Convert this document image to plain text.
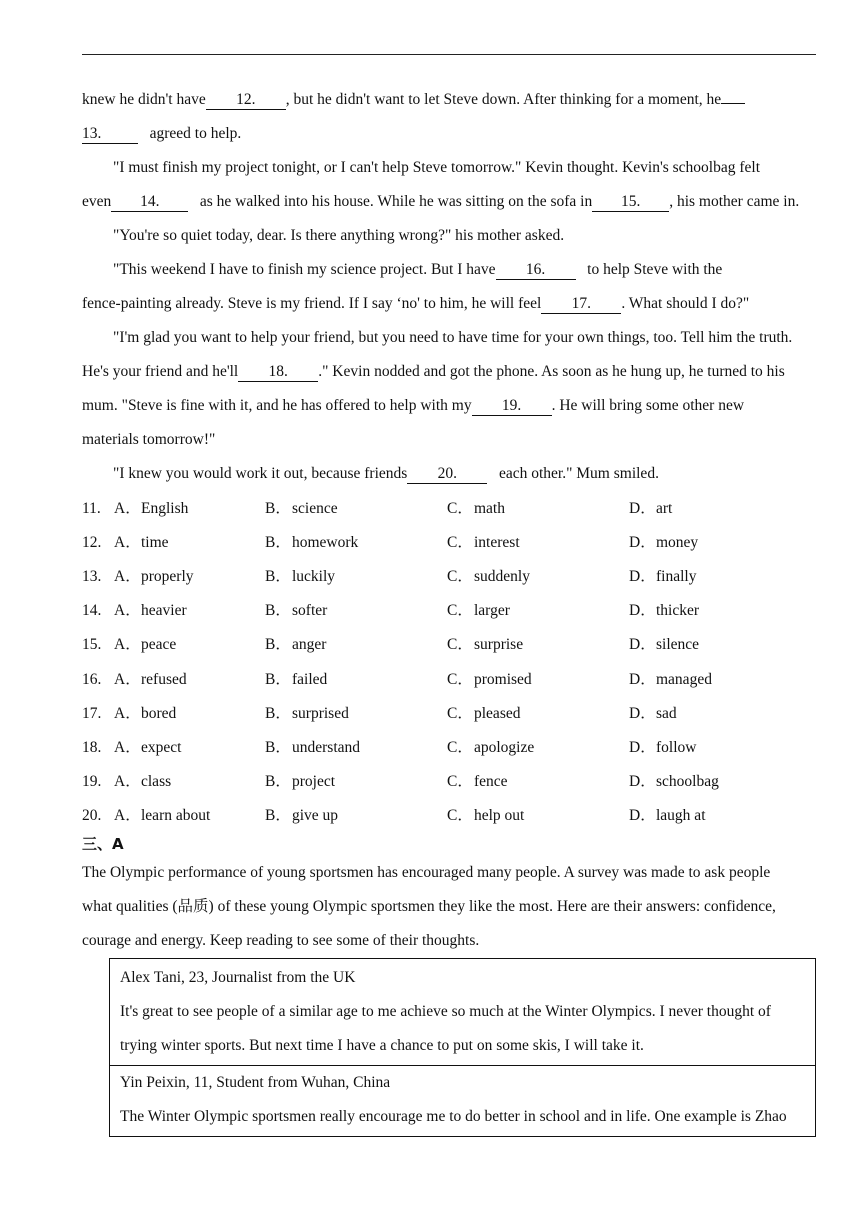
knew he didn't have 12. , but he didn't want to let Steve down. After thinking for a moment, he
13.	agreed to help.
"I must finish my project tonight, or I can't help Steve tomorrow." Kevin thought. Kevin's schoolbag felt
even 14.	as he walked into his house. While he was sitting on the sofa in 15. , his mother came in.
"You're so quiet today, dear. Is there anything wrong?" his mother asked.
"This weekend I have to finish my science project. But I have 16.	to help Steve with the
fence-painting already. Steve is my friend. If I say ‘no' to him, he will feel 17. . What should I do?"
"I'm glad you want to help your friend, but you need to have time for your own things, too. Tell him the truth.
He's your friend and he'll 18. ." Kevin nodded and got the phone. As soon as he hung up, he turned to his
mum. "Steve is fine with it, and he has offered to help with my 19. . He will bring some other new
materials tomorrow!"
"I knew you would work it out, because friends 20.	each other." Mum smiled.
11. A．English	B．science	C．math	D．art
12. A．time	B．homework	C．interest	D．money
13. A．properly	B．luckily	C．suddenly	D．finally
14. A．heavier	B．softer	C．larger	D．thicker
15. A．peace	B．anger	C．surprise	D．silence
16. A．refused	B．failed	C．promised	D．managed
17. A．bored	B．surprised	C．pleased	D．sad
18. A．expect	B．understand	C．apologize	D．follow
19. A．class	B．project	C．fence	D．schoolbag
20. A．learn about	B．give up	C．help out	D．laugh at
三、A
The Olympic performance of young sportsmen has encouraged many people. A survey was made to ask people
what qualities (品质) of these young Olympic sportsmen they like the most. Here are their answers: confidence,
courage and energy. Keep reading to see some of their thoughts.
Alex Tani, 23, Journalist from the UK
It's great to see people of a similar age to me achieve so much at the Winter Olympics. I never thought of
trying winter sports. But next time I have a chance to put on some skis, I will take it.
Yin Peixin, 11, Student from Wuhan, China
The Winter Olympic sportsmen really encourage me to do better in school and in life. One example is Zhao
